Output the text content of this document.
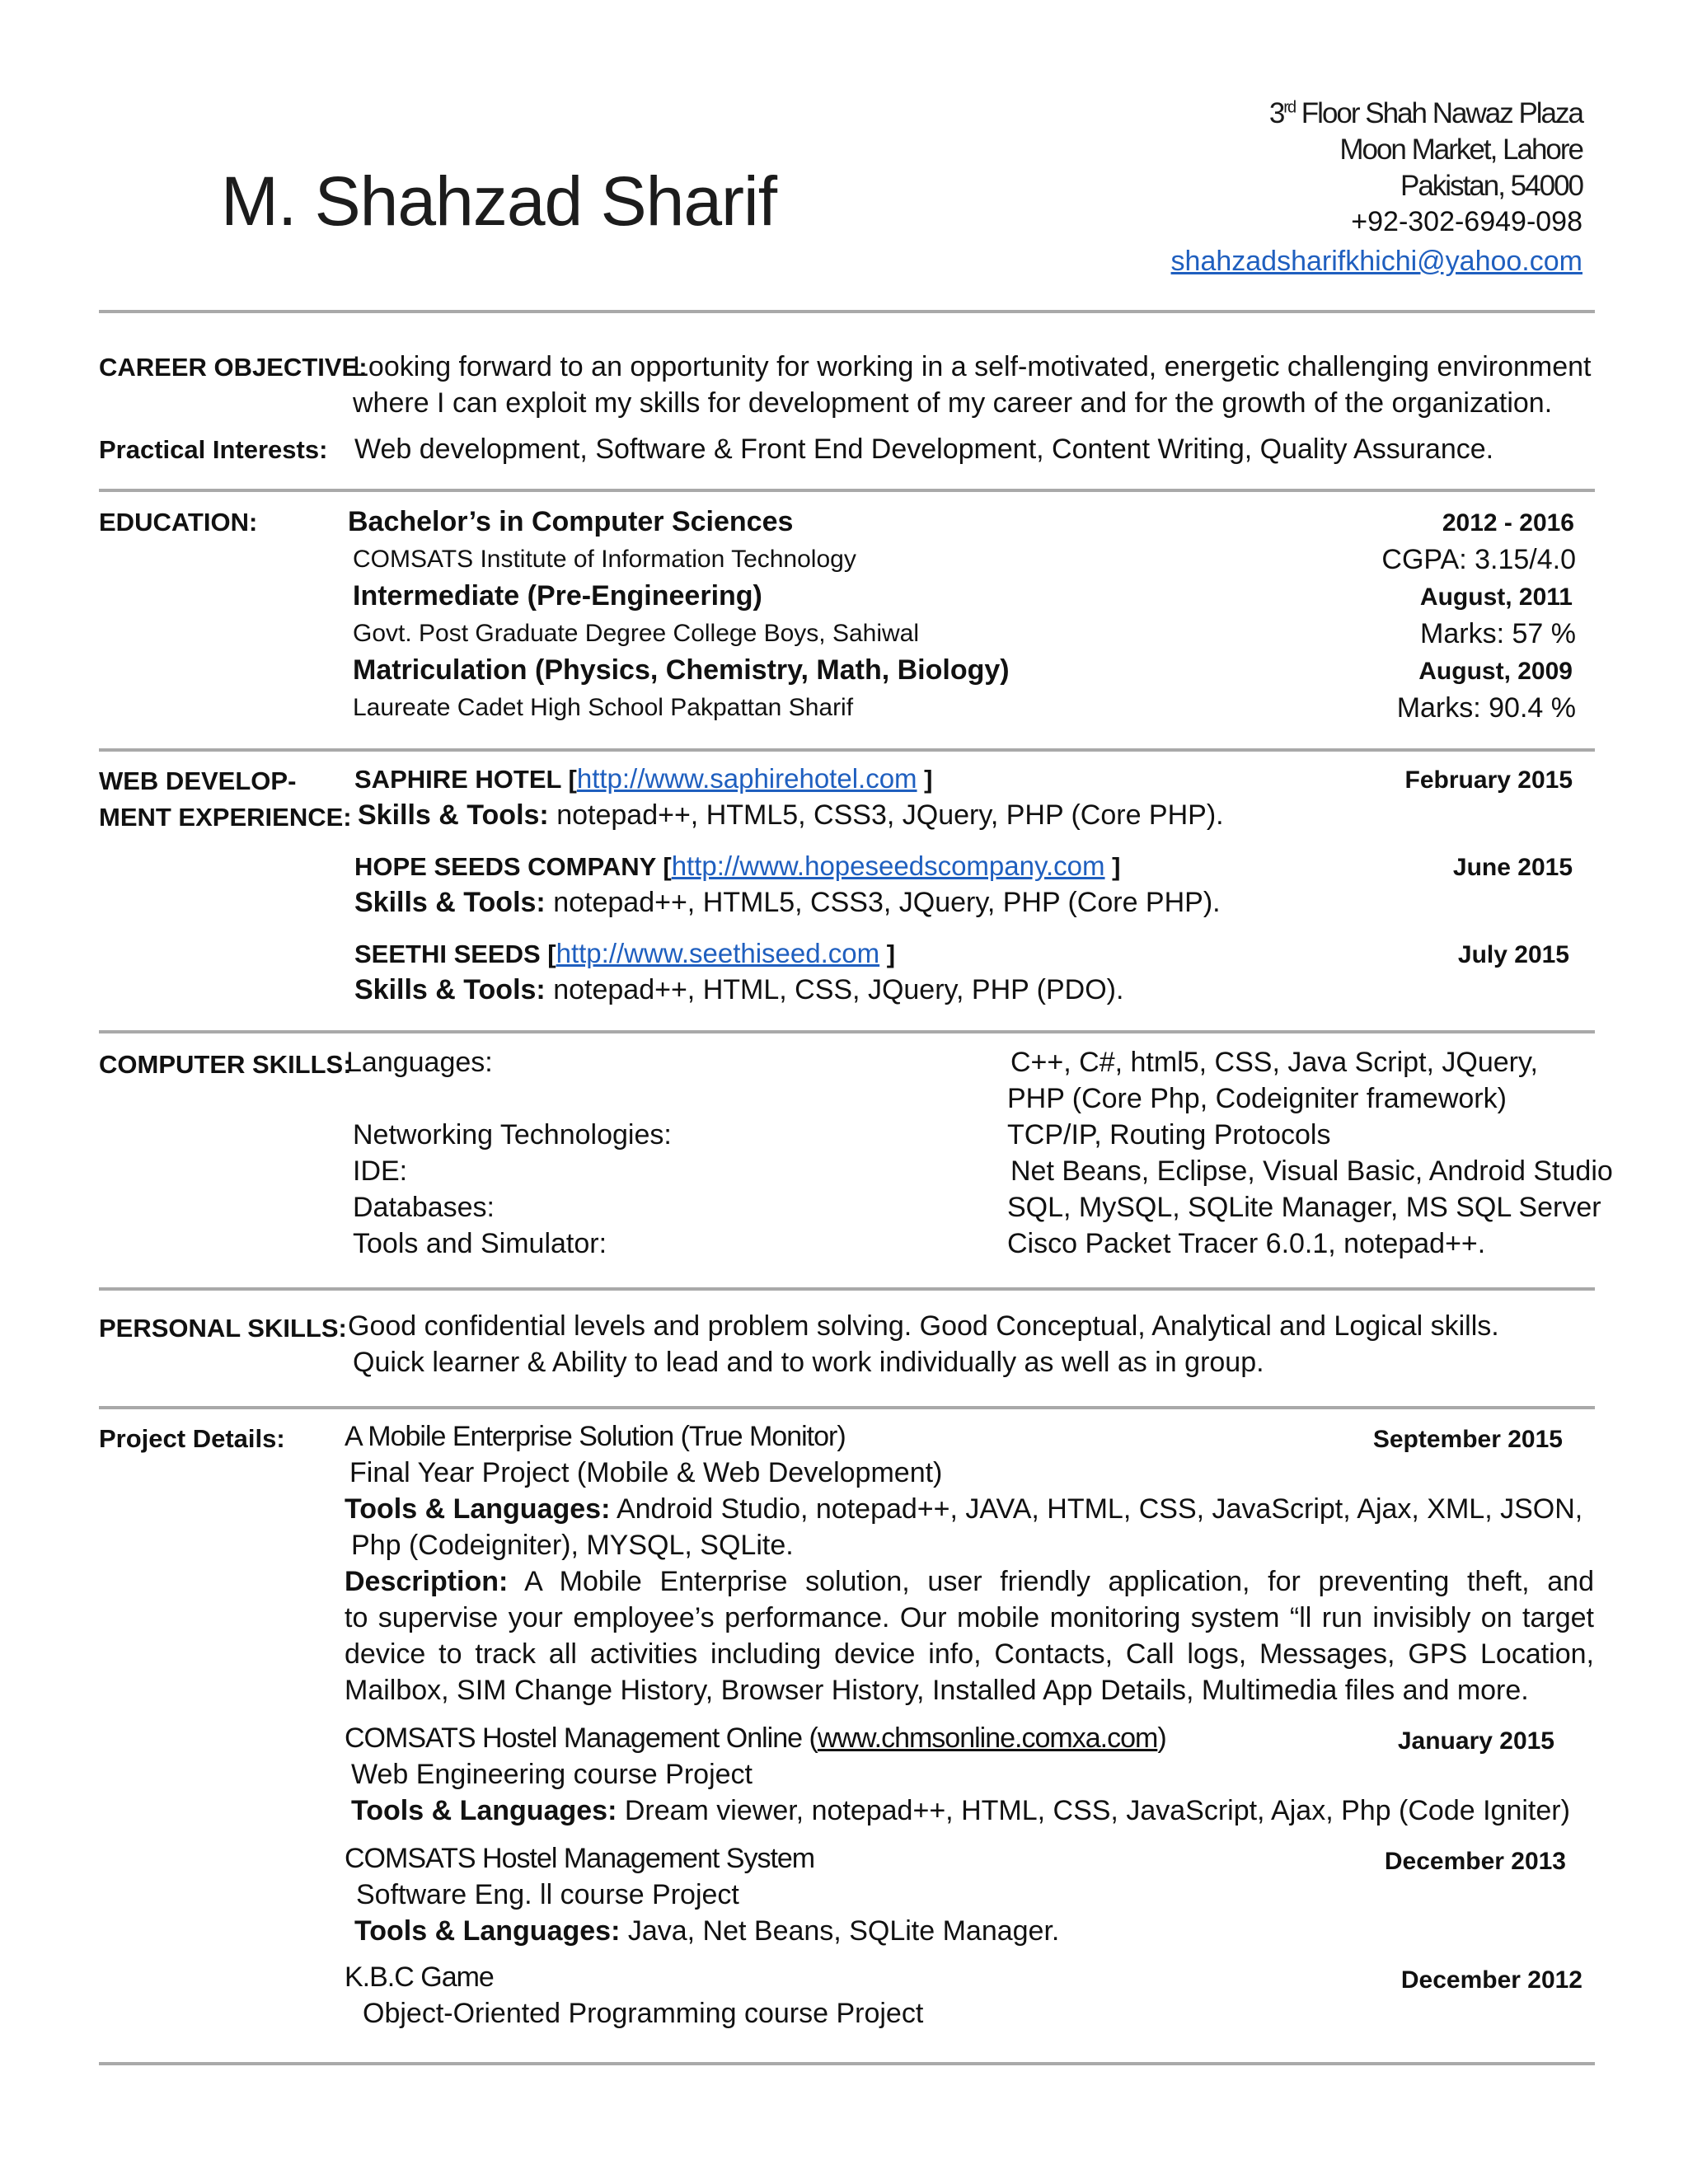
3rd Floor Shah Nawaz Plaza
Moon Market, Lahore
Pakistan, 54000
+92-302-6949-098
shahzadsharifkhichi@yahoo.com
M. Shahzad Sharif
CAREER OBJECTIVE:
Looking forward to an opportunity for working in a self-motivated, energetic challenging environment
where I can exploit my skills for development of my career and for the growth of the organization.
Practical Interests: Web development, Software & Front End Development, Content Writing, Quality Assurance.
EDUCATION:	Bachelor’s in Computer Sciences	2012 - 2016
COMSATS Institute of Information Technology	CGPA: 3.15/4.0
Intermediate (Pre-Engineering)	August, 2011
Govt. Post Graduate Degree College Boys, Sahiwal	Marks: 57 %
Matriculation (Physics, Chemistry, Math, Biology)	August, 2009
Laureate Cadet High School Pakpattan Sharif	Marks: 90.4 %
WEB DEVELOP-
MENT EXPERIENCE:
SAPHIRE HOTEL [http://www.saphirehotel.com ]	February 2015
Skills & Tools: notepad++, HTML5, CSS3, JQuery, PHP (Core PHP).
HOPE SEEDS COMPANY [http://www.hopeseedscompany.com ]	June 2015
Skills & Tools: notepad++, HTML5, CSS3, JQuery, PHP (Core PHP).
SEETHI SEEDS [http://www.seethiseed.com ]	July 2015
Skills & Tools: notepad++, HTML, CSS, JQuery, PHP (PDO).
COMPUTER SKILLS:
Languages:	C++, C#, html5, CSS, Java Script, JQuery,
PHP (Core Php, Codeigniter framework)
Networking Technologies:	TCP/IP, Routing Protocols
IDE:	Net Beans, Eclipse, Visual Basic, Android Studio
Databases:	SQL, MySQL, SQLite Manager, MS SQL Server
Tools and Simulator:	Cisco Packet Tracer 6.0.1, notepad++.
PERSONAL SKILLS: Good confidential levels and problem solving. Good Conceptual, Analytical and Logical skills.
Quick learner & Ability to lead and to work individually as well as in group.
Project Details: A Mobile Enterprise Solution (True Monitor)	September 2015
Final Year Project (Mobile & Web Development)
Tools & Languages: Android Studio, notepad++, JAVA, HTML, CSS, JavaScript, Ajax, XML, JSON,
Php (Codeigniter), MYSQL, SQLite.
Description: A Mobile Enterprise solution, user friendly application, for preventing theft, and
to supervise your employee’s performance. Our mobile monitoring system “ll run invisibly on target
device to track all activities including device info, Contacts, Call logs, Messages, GPS Location,
Mailbox, SIM Change History, Browser History, Installed App Details, Multimedia files and more.
COMSATS Hostel Management Online (www.chmsonline.comxa.com)	January 2015
Web Engineering course Project
Tools & Languages: Dream viewer, notepad++, HTML, CSS, JavaScript, Ajax, Php (Code Igniter)
COMSATS Hostel Management System	December 2013
Software Eng. ll course Project
Tools & Languages: Java, Net Beans, SQLite Manager.
K.B.C Game	December 2012
Object-Oriented Programming course Project
